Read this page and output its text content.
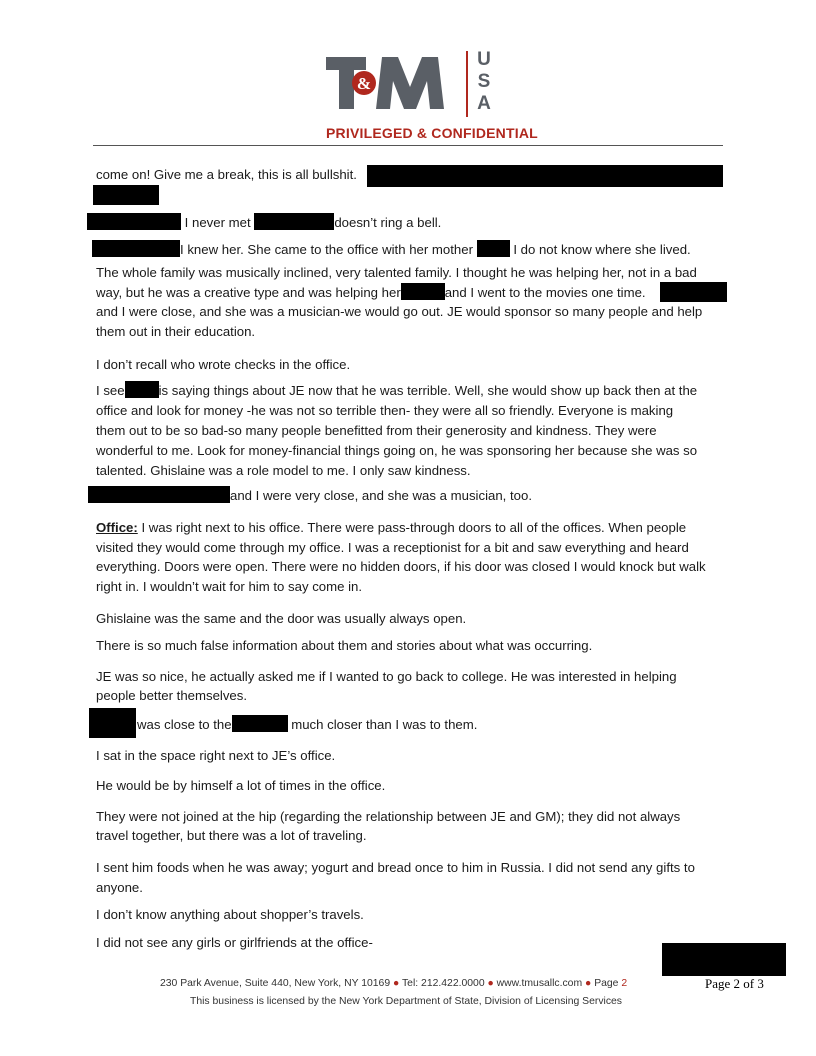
&
U
S
A
PRIVILEGED & CONFIDENTIAL
come on! Give me a break, this is all bullshit.
I never met	doesn’t ring a bell.
I knew her. She came to the office with her mother	I do not know where she lived.
The whole family was musically inclined, very talented family. I thought he was helping her, not in a bad
way, but he was a creative type and was helping her	and I went to the movies one time.
and I were close, and she was a musician-we would go out. JE would sponsor so many people and help
them out in their education.
I don’t recall who wrote checks in the office.
I see	is saying things about JE now that he was terrible. Well, she would show up back then at the
office and look for money -he was not so terrible then- they were all so friendly. Everyone is making
them out to be so bad-so many people benefitted from their generosity and kindness. They were
wonderful to me. Look for money-financial things going on, he was sponsoring her because she was so
talented. Ghislaine was a role model to me. I only saw kindness.
and I were very close, and she was a musician, too.
Office: I was right next to his office. There were pass-through doors to all of the offices. When people
visited they would come through my office. I was a receptionist for a bit and saw everything and heard
everything. Doors were open. There were no hidden doors, if his door was closed I would knock but walk
right in. I wouldn’t wait for him to say come in.
Ghislaine was the same and the door was usually always open.
There is so much false information about them and stories about what was occurring.
JE was so nice, he actually asked me if I wanted to go back to college. He was interested in helping
people better themselves.
was close to the	much closer than I was to them.
I sat in the space right next to JE’s office.
He would be by himself a lot of times in the office.
They were not joined at the hip (regarding the relationship between JE and GM); they did not always
travel together, but there was a lot of traveling.
I sent him foods when he was away; yogurt and bread once to him in Russia. I did not send any gifts to
anyone.
I don’t know anything about shopper’s travels.
I did not see any girls or girlfriends at the office-
230 Park Avenue, Suite 440, New York, NY 10169 ● Tel: 212.422.0000 ● www.tmusallc.com ● Page 2
This business is licensed by the New York Department of State, Division of Licensing Services
Page 2 of 3
